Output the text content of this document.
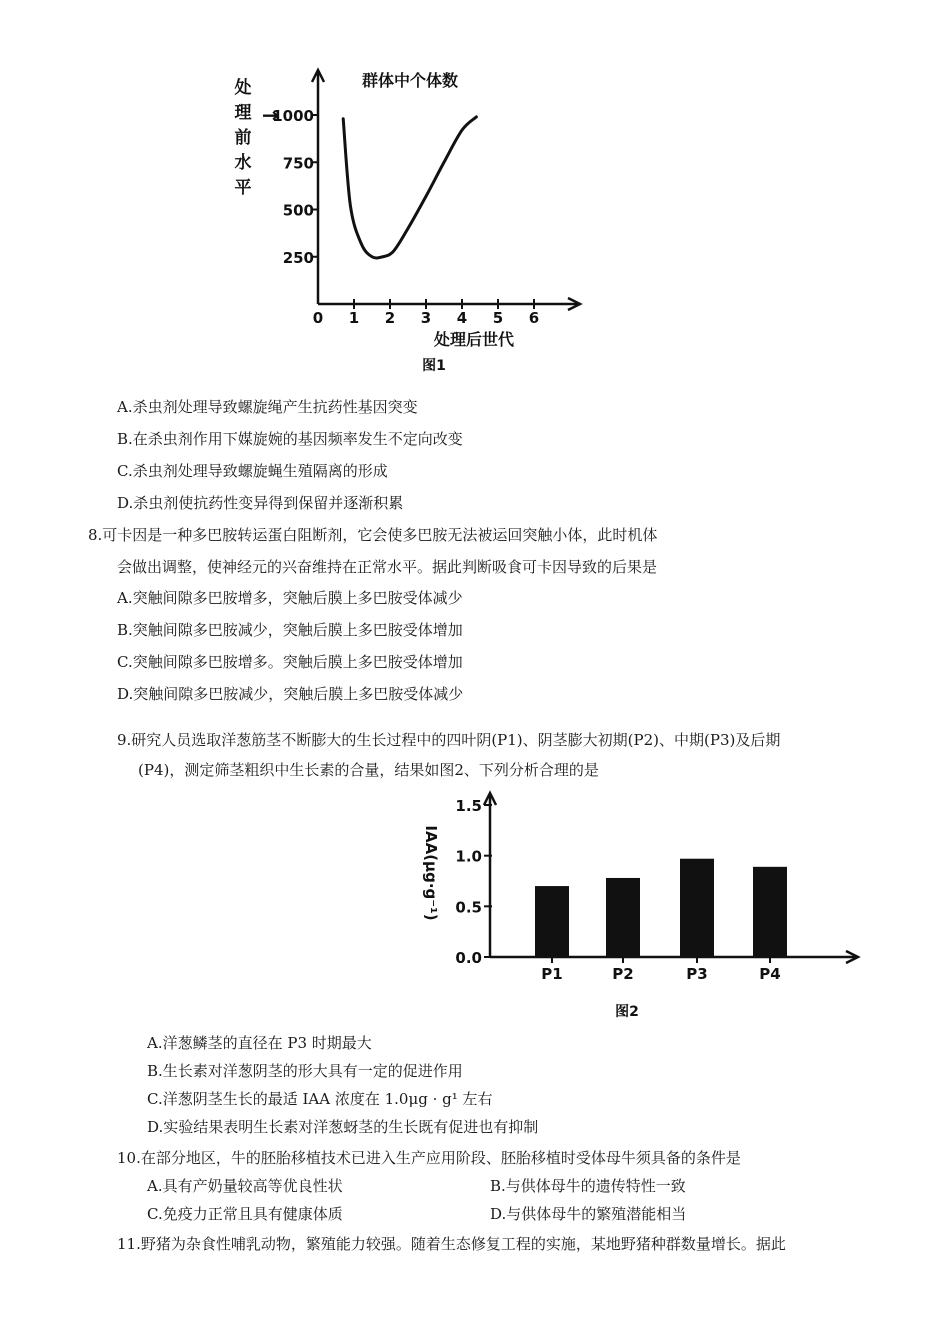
处
理
前
水
平
→
群体中个体数
0 1 2 3 4 5 6
250
500
750
1000
处理后世代
图1
A.杀虫剂处理导致螺旋绳产生抗药性基因突变
B.在杀虫剂作用下媒旋婉的基因频率发生不定向改变
C.杀虫剂处理导致螺旋蝇生殖隔离的形成
D.杀虫剂使抗药性变异得到保留并逐渐积累
8.可卡因是一种多巴胺转运蛋白阻断剂，它会使多巴胺无法被运回突触小体，此时机体
会做出调整，使神经元的兴奋维持在正常水平。据此判断吸食可卡因导致的后果是
A.突触间隙多巴胺增多，突触后膜上多巴胺受体减少
B.突触间隙多巴胺减少，突触后膜上多巴胺受体增加
C.突触间隙多巴胺增多。突触后膜上多巴胺受体增加
D.突触间隙多巴胺减少，突触后膜上多巴胺受体减少
9.研究人员选取洋葱筋茎不断膨大的生长过程中的四叶阴(P1)、阴茎膨大初期(P2)、中期(P3)及后期
(P4)，测定筛茎粗织中生长素的合量，结果如图2、下列分析合理的是
IAA(μg·g⁻¹)
0.0
0.5
1.0
1.5
P1	P2	P3	P4
图2
A.洋葱鳞茎的直径在 P3 时期最大
B.生长素对洋葱阴茎的形大具有一定的促进作用
C.洋葱阴茎生长的最适 IAA 浓度在 1.0μg · g¹ 左右
D.实验结果表明生长素对洋葱蚜茎的生长既有促进也有抑制
10.在部分地区，牛的胚胎移植技术已进入生产应用阶段、胚胎移植时受体母牛须具备的条件是
A.具有产奶量较高等优良性状	B.与供体母牛的遗传特性一致
C.免疫力正常且具有健康体质	D.与供体母牛的繁殖潜能相当
11.野猪为杂食性哺乳动物，繁殖能力较强。随着生态修复工程的实施，某地野猪种群数量增长。据此
